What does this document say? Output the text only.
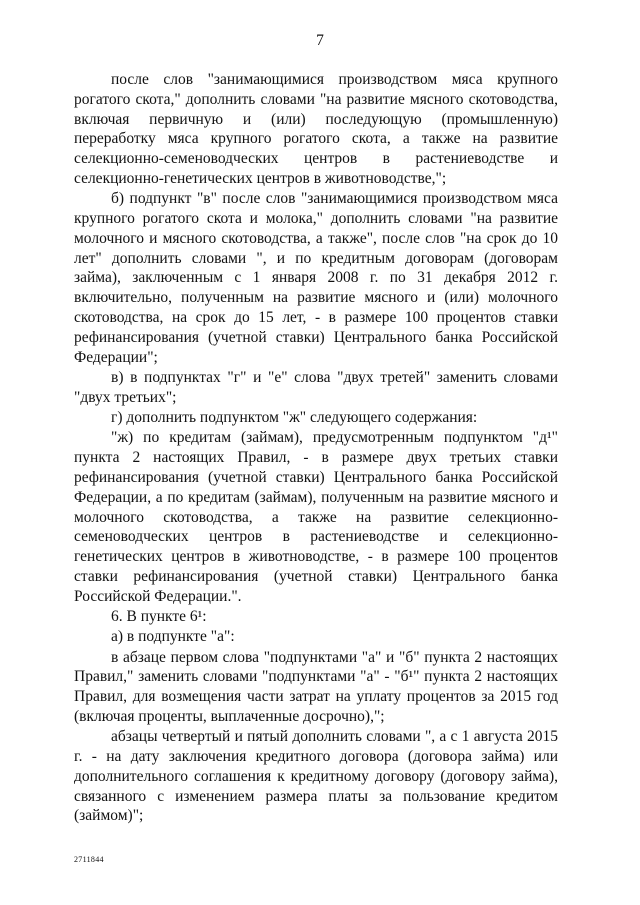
7

после слов "занимающимися производством мяса крупного рогатого скота," дополнить словами "на развитие мясного скотоводства, включая первичную и (или) последующую (промышленную) переработку мяса крупного рогатого скота, а также на развитие селекционно-семеноводческих центров в растениеводстве и селекционно-генетических центров в животноводстве,";

б) подпункт "в" после слов "занимающимися производством мяса крупного рогатого скота и молока," дополнить словами "на развитие молочного и мясного скотоводства, а также", после слов "на срок до 10 лет" дополнить словами ", и по кредитным договорам (договорам займа), заключенным с 1 января 2008 г. по 31 декабря 2012 г. включительно, полученным на развитие мясного и (или) молочного скотоводства, на срок до 15 лет, - в размере 100 процентов ставки рефинансирования (учетной ставки) Центрального банка Российской Федерации";

в) в подпунктах "г" и "е" слова "двух третей" заменить словами "двух третьих";

г) дополнить подпунктом "ж" следующего содержания:

"ж) по кредитам (займам), предусмотренным подпунктом "д¹" пункта 2 настоящих Правил, - в размере двух третьих ставки рефинансирования (учетной ставки) Центрального банка Российской Федерации, а по кредитам (займам), полученным на развитие мясного и молочного скотоводства, а также на развитие селекционно-семеноводческих центров в растениеводстве и селекционно-генетических центров в животноводстве, - в размере 100 процентов ставки рефинансирования (учетной ставки) Центрального банка Российской Федерации.".

6. В пункте 6¹:

а) в подпункте "а":

в абзаце первом слова "подпунктами "а" и "б" пункта 2 настоящих Правил," заменить словами "подпунктами "а" - "б¹" пункта 2 настоящих Правил, для возмещения части затрат на уплату процентов за 2015 год (включая проценты, выплаченные досрочно),";

абзацы четвертый и пятый дополнить словами ", а с 1 августа 2015 г. - на дату заключения кредитного договора (договора займа) или дополнительного соглашения к кредитному договору (договору займа), связанного с изменением размера платы за пользование кредитом (займом)";

2711844
